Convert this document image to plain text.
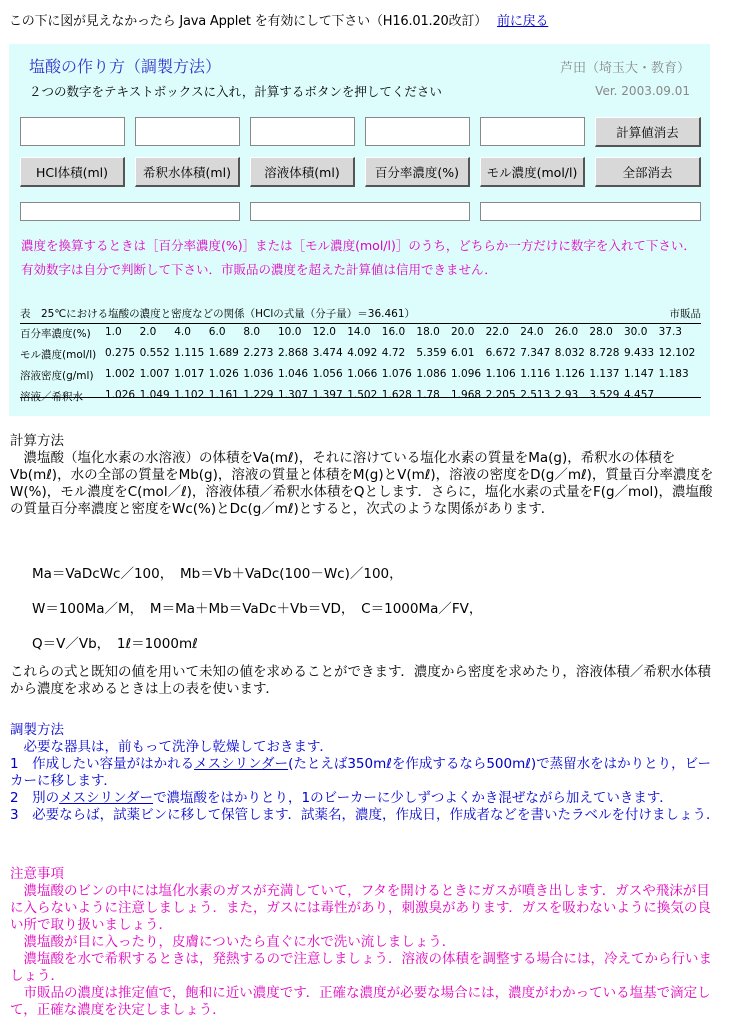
この下に図が見えなかったら Java Applet を有効にして下さい（H16.01.20改訂） 前に戻る
塩酸の作り方（調製方法）	芦田（埼玉大・教育）
２つの数字をテキストボックスに入れ，計算するボタンを押してください	Ver. 2003.09.01
計算値消去
HCl体積(ml)	希釈水体積(ml)	溶液体積(ml)	百分率濃度(%)	モル濃度(mol/l)	全部消去
濃度を換算するときは［百分率濃度(%)］または［モル濃度(mol/l)］のうち，どちらか一方だけに数字を入れて下さい．有効数字は自分で判断して下さい．市販品の濃度を超えた計算値は信用できません．
表　25℃における塩酸の濃度と密度などの関係（HClの式量（分子量）＝36.461）	市販品
百分率濃度(%) 1.0 2.0 4.0 6.0 8.0 10.0 12.0 14.0 16.0 18.0 20.0 22.0 24.0 26.0 28.0 30.0 37.3
モル濃度(mol/l) 0.275 0.552 1.115 1.689 2.273 2.868 3.474 4.092 4.72 5.359 6.01 6.672 7.347 8.032 8.728 9.433 12.102
溶液密度(g/ml) 1.002 1.007 1.017 1.026 1.036 1.046 1.056 1.066 1.076 1.086 1.096 1.106 1.116 1.126 1.137 1.147 1.183
溶液／希釈水 1.026 1.049 1.102 1.161 1.229 1.307 1.397 1.502 1.628 1.78 1.968 2.205 2.513 2.93 3.529 4.457

計算方法

　濃塩酸（塩化水素の水溶液）の体積をVa(mℓ)，それに溶けている塩化水素の質量をMa(g)，希釈水の体積をVb(mℓ)，水の全部の質量をMb(g)，溶液の質量と体積をM(g)とV(mℓ)，溶液の密度をD(g／mℓ)，質量百分率濃度をW(%)，モル濃度をC(mol／ℓ)，溶液体積／希釈水体積をQとします．さらに，塩化水素の式量をF(g／mol)，濃塩酸の質量百分率濃度と密度をWc(%)とDc(g／mℓ)とすると，次式のような関係があります．

Ma＝VaDcWc／100，　Mb＝Vb＋VaDc(100－Wc)／100，
W＝100Ma／M，　M＝Ma＋Mb＝VaDc＋Vb＝VD，　C＝1000Ma／FV，
Q＝V／Vb，　1ℓ＝1000mℓ
これらの式と既知の値を用いて未知の値を求めることができます．濃度から密度を求めたり，溶液体積／希釈水体積から濃度を求めるときは上の表を使います．
調製方法
　必要な器具は，前もって洗浄し乾燥しておきます．
1　作成したい容量がはかれるメスシリンダー(たとえば350mℓを作成するなら500mℓ)で蒸留水をはかりとり，ビーカーに移します．
2　別のメスシリンダーで濃塩酸をはかりとり，1のビーカーに少しずつよくかき混ぜながら加えていきます．
3　必要ならば，試薬ビンに移して保管します．試薬名，濃度，作成日，作成者などを書いたラベルを付けましょう．
注意事項
　濃塩酸のビンの中には塩化水素のガスが充満していて，フタを開けるときにガスが噴き出します．ガスや飛沫が目に入らないように注意しましょう．また，ガスには毒性があり，刺激臭があります．ガスを吸わないように換気の良い所で取り扱いましょう．
　濃塩酸が目に入ったり，皮膚についたら直ぐに水で洗い流しましょう．
　濃塩酸を水で希釈するときは，発熱するので注意しましょう．溶液の体積を調整する場合には，冷えてから行いましょう．
　市販品の濃度は推定値で，飽和に近い濃度です．正確な濃度が必要な場合には，濃度がわかっている塩基で滴定して，正確な濃度を決定しましょう．
